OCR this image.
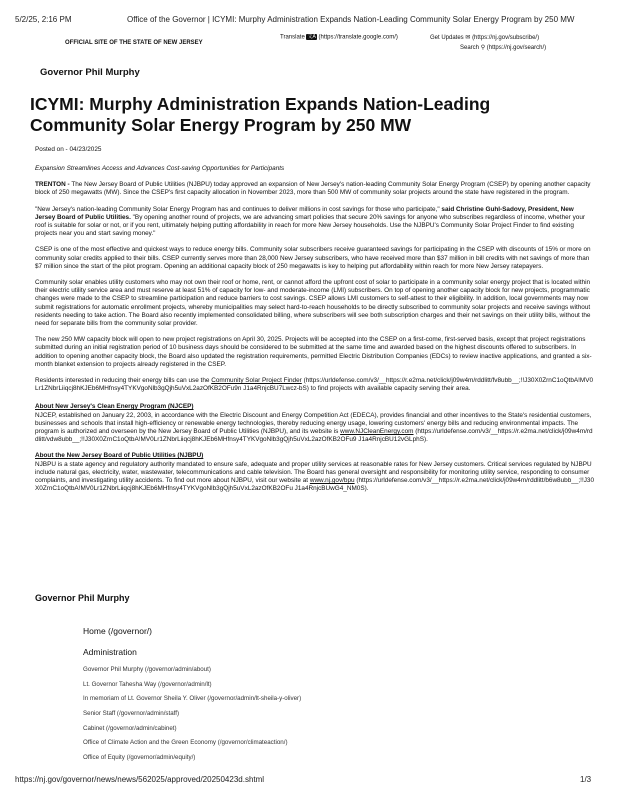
5/2/25, 2:16 PM	Office of the Governor | ICYMI: Murphy Administration Expands Nation-Leading Community Solar Energy Program by 250 MW
OFFICIAL SITE OF THE STATE OF NEW JERSEY
Translate 文A (https://translate.google.com/)	Get Updates ✉ (https://nj.gov/subscribe/)
Search ⚲ (https://nj.gov/search/)
Governor Phil Murphy
ICYMI: Murphy Administration Expands Nation-Leading Community Solar Energy Program by 250 MW
Posted on - 04/23/2025

Expansion Streamlines Access and Advances Cost-saving Opportunities for Participants

TRENTON - The New Jersey Board of Public Utilities (NJBPU) today approved an expansion of New Jersey's nation-leading Community Solar Energy Program (CSEP) by opening another capacity block of 250 megawatts (MW). Since the CSEP's first capacity allocation in November 2023, more than 500 MW of community solar projects around the state have registered in the program.

"New Jersey's nation-leading Community Solar Energy Program has and continues to deliver millions in cost savings for those who participate," said Christine Guhl-Sadovy, President, New Jersey Board of Public Utilities. "By opening another round of projects, we are advancing smart policies that secure 20% savings for anyone who subscribes regardless of income, whether your roof is suitable for solar or not, or if you rent, ultimately helping putting affordability in reach for more New Jersey households. Use the NJBPU's Community Solar Project Finder to find existing projects near you and start saving money."

CSEP is one of the most effective and quickest ways to reduce energy bills. Community solar subscribers receive guaranteed savings for participating in the CSEP with discounts of 15% or more on community solar credits applied to their bills. CSEP currently serves more than 28,000 New Jersey subscribers, who have received more than $37 million in bill credits with net savings of more than $7 million since the start of the pilot program. Opening an additional capacity block of 250 megawatts is key to helping put affordability within reach for more New Jersey ratepayers.

Community solar enables utility customers who may not own their roof or home, rent, or cannot afford the upfront cost of solar to participate in a community solar energy project that is located within their electric utility service area and must reserve at least 51% of capacity for low- and moderate-income (LMI) subscribers. On top of opening another capacity block for new projects, programmatic changes were made to the CSEP to streamline participation and reduce barriers to cost savings. CSEP allows LMI customers to self-attest to their eligibility. In addition, local governments may now submit registrations for automatic enrollment projects, whereby municipalities may select hard-to-reach households to be directly subscribed to community solar projects and receive savings without residents needing to take action. The Board also recently implemented consolidated billing, where subscribers will see both subscription charges and their net savings on their utility bills, without the need for separate bills from the community solar provider.

The new 250 MW capacity block will open to new project registrations on April 30, 2025. Projects will be accepted into the CSEP on a first-come, first-served basis, except that project registrations submitted during an initial registration period of 10 business days should be considered to be submitted at the same time and awarded based on the highest discounts offered to subscribers. In addition to opening another capacity block, the Board also updated the registration requirements, permitted Electric Distribution Companies (EDCs) to review inactive applications, and granted a six-month blanket extension to projects already registered in the CSEP.

Residents interested in reducing their energy bills can use the Community Solar Project Finder (https://urldefense.com/v3/__https://r.e2ma.net/click/j09w4m/rddlitt/fv8ubb__;!!J30X0ZrnC1oQtbA!MV0Lr1ZNbrLiiqcj8hKJEb6MHfnsy4TYKVgoNlb3gQjh5uVxL2azOfKB2OFu9n J1a4RnjcBU7Lwcz-bS) to find projects with available capacity serving their area.

About New Jersey's Clean Energy Program (NJCEP)

NJCEP, established on January 22, 2003, in accordance with the Electric Discount and Energy Competition Act (EDECA), provides financial and other incentives to the State's residential customers, businesses and schools that install high-efficiency or renewable energy technologies, thereby reducing energy usage, lowering customers' energy bills and reducing environmental impacts. The program is authorized and overseen by the New Jersey Board of Public Utilities (NJBPU), and its website is www.NJCleanEnergy.com (https://urldefense.com/v3/__https://r.e2ma.net/click/j09w4m/rddlitt/vdw8ubb__;!!J30X0ZrnC1oQtbA!MV0Lr1ZNbrLiiqcj8hKJEb6MHfnsy4TYKVgoNlb3gQjh5uVxL2azOfKB2OFu9 J1a4RnjcBU12vGLphS).

About the New Jersey Board of Public Utilities (NJBPU)

NJBPU is a state agency and regulatory authority mandated to ensure safe, adequate and proper utility services at reasonable rates for New Jersey customers. Critical services regulated by NJBPU include natural gas, electricity, water, wastewater, telecommunications and cable television. The Board has general oversight and responsibility for monitoring utility service, responding to consumer complaints, and investigating utility accidents. To find out more about NJBPU, visit our website at www.nj.gov/bpu (https://urldefense.com/v3/__https://r.e2ma.net/click/j09w4m/rddlitt/b6w8ubb__;!!J30X0ZrnC1oQtbA!MV0Lr1ZNbrLiiqcj8hKJEb6MHfnsy4TYKVgoNlb3gQjh5uVxL2azOfKB2OFu J1a4RnjcBUwG4_NM0S).

Governor Phil Murphy
Home (/governor/)
Administration
Governor Phil Murphy (/governor/admin/about)
Lt. Governor Tahesha Way (/governor/admin/lt)
In memoriam of Lt. Governor Sheila Y. Oliver (/governor/admin/lt-sheila-y-oliver)
Senior Staff (/governor/admin/staff)
Cabinet (/governor/admin/cabinet)
Office of Climate Action and the Green Economy (/governor/climateaction/)
Office of Equity (/governor/admin/equity/)
https://nj.gov/governor/news/news/562025/approved/20250423d.shtml	1/3
